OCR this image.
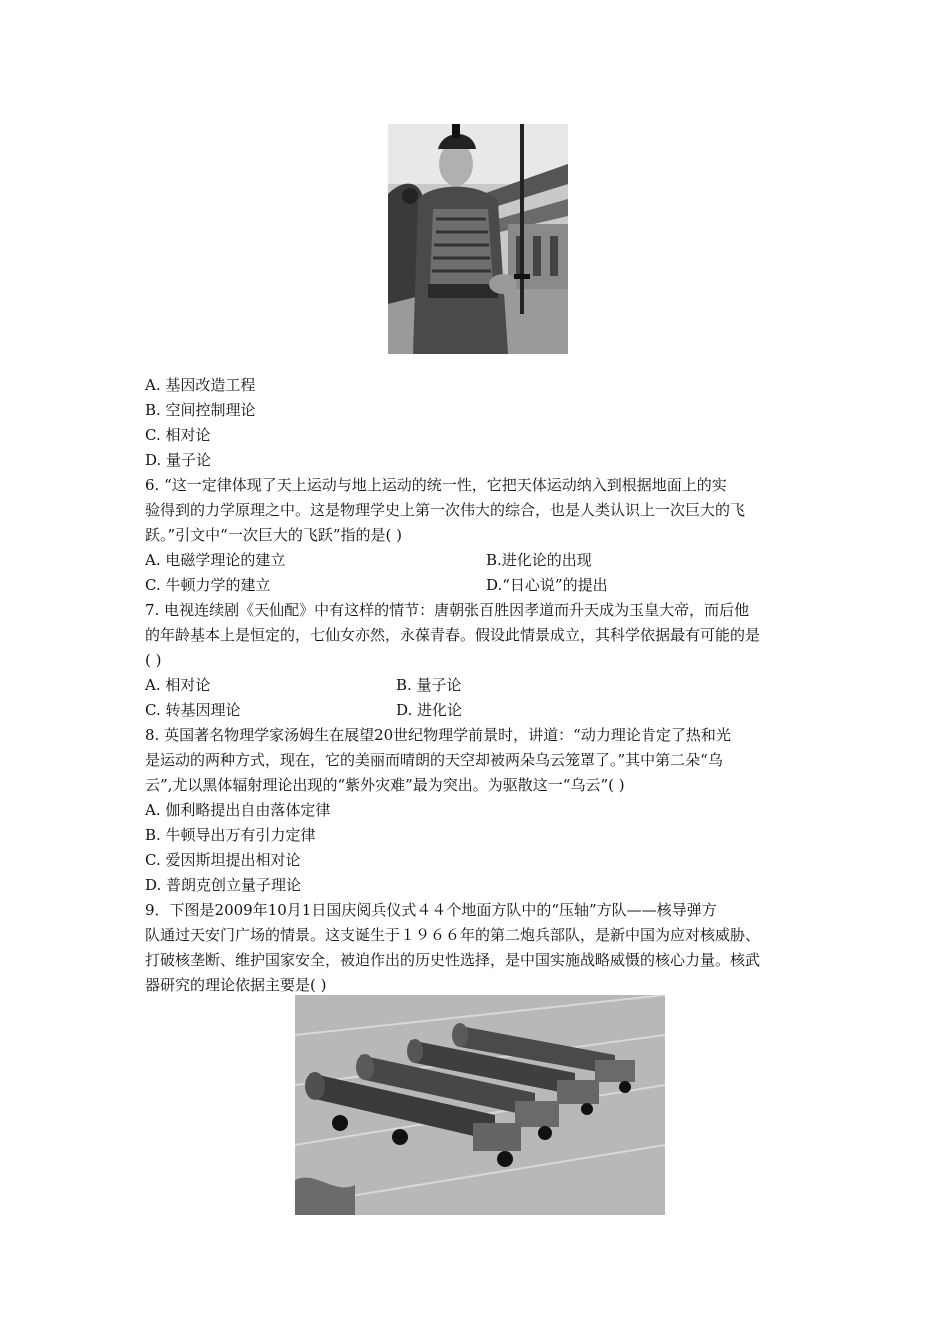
A. 基因改造工程
B. 空间控制理论
C. 相对论
D. 量子论
6. “这一定律体现了天上运动与地上运动的统一性，它把天体运动纳入到根据地面上的实
验得到的力学原理之中。这是物理学史上第一次伟大的综合，也是人类认识上一次巨大的飞
跃。”引文中“一次巨大的飞跃”指的是( )
A. 电磁学理论的建立	B.进化论的出现
C. 牛顿力学的建立	D.“日心说”的提出
7. 电视连续剧《天仙配》中有这样的情节：唐朝张百胜因孝道而升天成为玉皇大帝，而后他
的年龄基本上是恒定的，七仙女亦然，永葆青春。假设此情景成立，其科学依据最有可能的是
( )
A. 相对论	B. 量子论
C. 转基因理论	D. 进化论
8. 英国著名物理学家汤姆生在展望20世纪物理学前景时，讲道：“动力理论肯定了热和光
是运动的两种方式，现在，它的美丽而晴朗的天空却被两朵乌云笼罩了。”其中第二朵“乌
云”,尤以黑体辐射理论出现的“紫外灾难”最为突出。为驱散这一“乌云”( )
A. 伽利略提出自由落体定律
B. 牛顿导出万有引力定律
C. 爱因斯坦提出相对论
D. 普朗克创立量子理论
9．下图是2009年10月1日国庆阅兵仪式４４个地面方队中的“压轴”方队——核导弹方
队通过天安门广场的情景。这支诞生于１９６６年的第二炮兵部队，是新中国为应对核威胁、
打破核垄断、维护国家安全，被迫作出的历史性选择，是中国实施战略威慑的核心力量。核武
器研究的理论依据主要是( )
